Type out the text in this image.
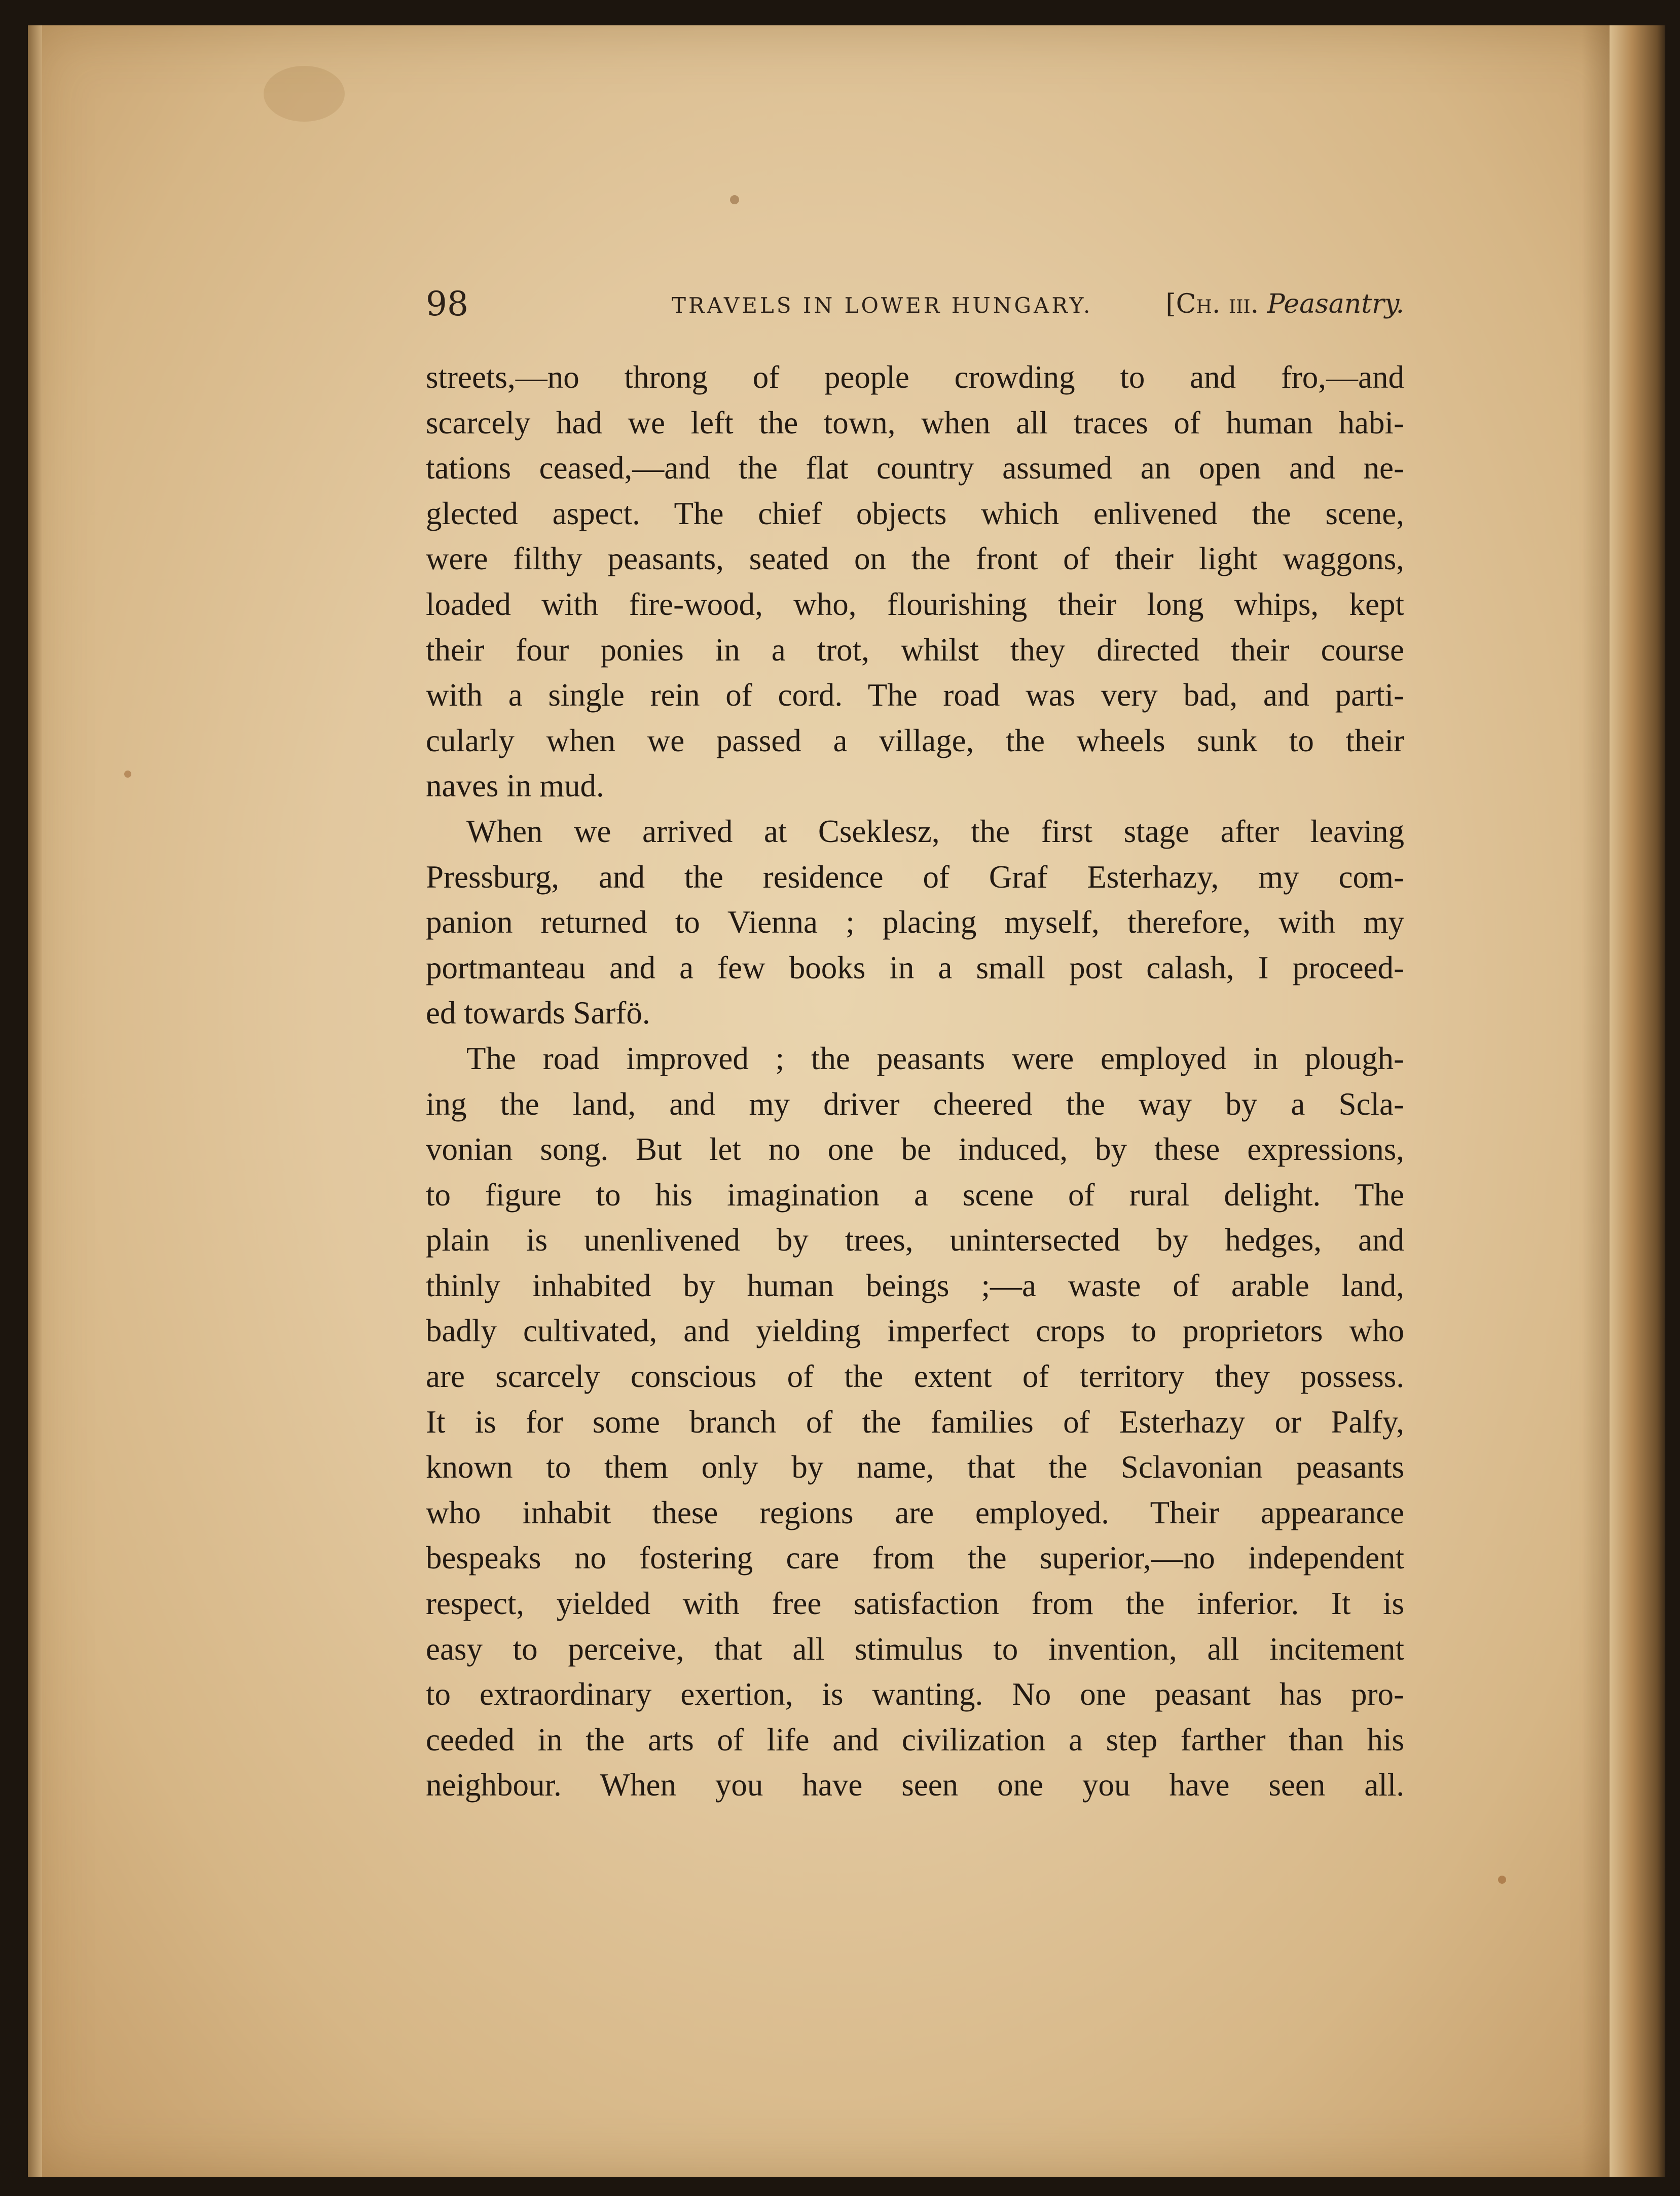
98	TRAVELS IN LOWER HUNGARY.	[Ch. iii. Peasantry.
streets,—no throng of people crowding to and fro,—and
scarcely had we left the town, when all traces of human habi-
tations ceased,—and the flat country assumed an open and ne-
glected aspect. The chief objects which enlivened the scene,
were filthy peasants, seated on the front of their light waggons,
loaded with fire-wood, who, flourishing their long whips, kept
their four ponies in a trot, whilst they directed their course
with a single rein of cord. The road was very bad, and parti-
cularly when we passed a village, the wheels sunk to their
naves in mud.
When we arrived at Cseklesz, the first stage after leaving
Pressburg, and the residence of Graf Esterhazy, my com-
panion returned to Vienna ; placing myself, therefore, with my
portmanteau and a few books in a small post calash, I proceed-
ed towards Sarfö.
The road improved ; the peasants were employed in plough-
ing the land, and my driver cheered the way by a Scla-
vonian song. But let no one be induced, by these expressions,
to figure to his imagination a scene of rural delight. The
plain is unenlivened by trees, unintersected by hedges, and
thinly inhabited by human beings ;—a waste of arable land,
badly cultivated, and yielding imperfect crops to proprietors who
are scarcely conscious of the extent of territory they possess.
It is for some branch of the families of Esterhazy or Palfy,
known to them only by name, that the Sclavonian peasants
who inhabit these regions are employed. Their appearance
bespeaks no fostering care from the superior,—no independent
respect, yielded with free satisfaction from the inferior. It is
easy to perceive, that all stimulus to invention, all incitement
to extraordinary exertion, is wanting. No one peasant has pro-
ceeded in the arts of life and civilization a step farther than his
neighbour. When you have seen one you have seen all.
